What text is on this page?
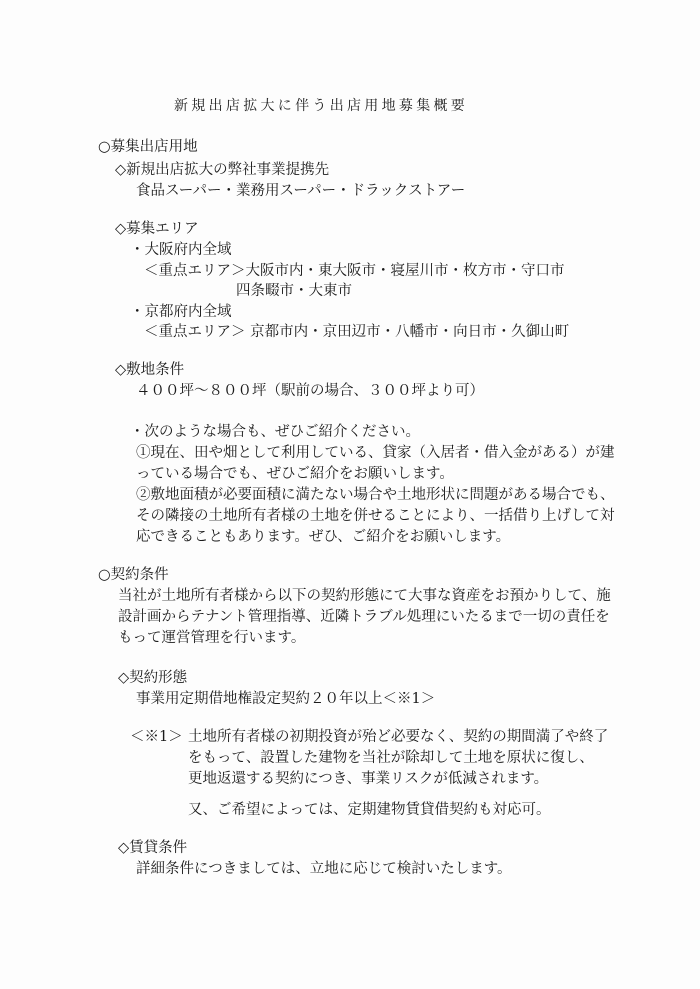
新規出店拡大に伴う出店用地募集概要
○募集出店用地
◇新規出店拡大の弊社事業提携先
食品スーパー・業務用スーパー・ドラックストアー
◇募集エリア
・大阪府内全域
＜重点エリア＞大阪市内・東大阪市・寝屋川市・枚方市・守口市
四条畷市・大東市
・京都府内全域
＜重点エリア＞ 京都市内・京田辺市・八幡市・向日市・久御山町
◇敷地条件
４００坪～８００坪（駅前の場合、３００坪より可）
・次のような場合も、ぜひご紹介ください。
①現在、田や畑として利用している、貸家（入居者・借入金がある）が建
っている場合でも、ぜひご紹介をお願いします。
②敷地面積が必要面積に満たない場合や土地形状に問題がある場合でも、
その隣接の土地所有者様の土地を併せることにより、一括借り上げして対
応できることもあります。ぜひ、ご紹介をお願いします。
○契約条件
当社が土地所有者様から以下の契約形態にて大事な資産をお預かりして、施
設計画からテナント管理指導、近隣トラブル処理にいたるまで一切の責任を
もって運営管理を行います。
◇契約形態
事業用定期借地権設定契約２０年以上＜※1＞
＜※1＞ 土地所有者様の初期投資が殆ど必要なく、契約の期間満了や終了
をもって、設置した建物を当社が除却して土地を原状に復し、
更地返還する契約につき、事業リスクが低減されます。
又、ご希望によっては、定期建物賃貸借契約も対応可。
◇賃貸条件
詳細条件につきましては、立地に応じて検討いたします。
